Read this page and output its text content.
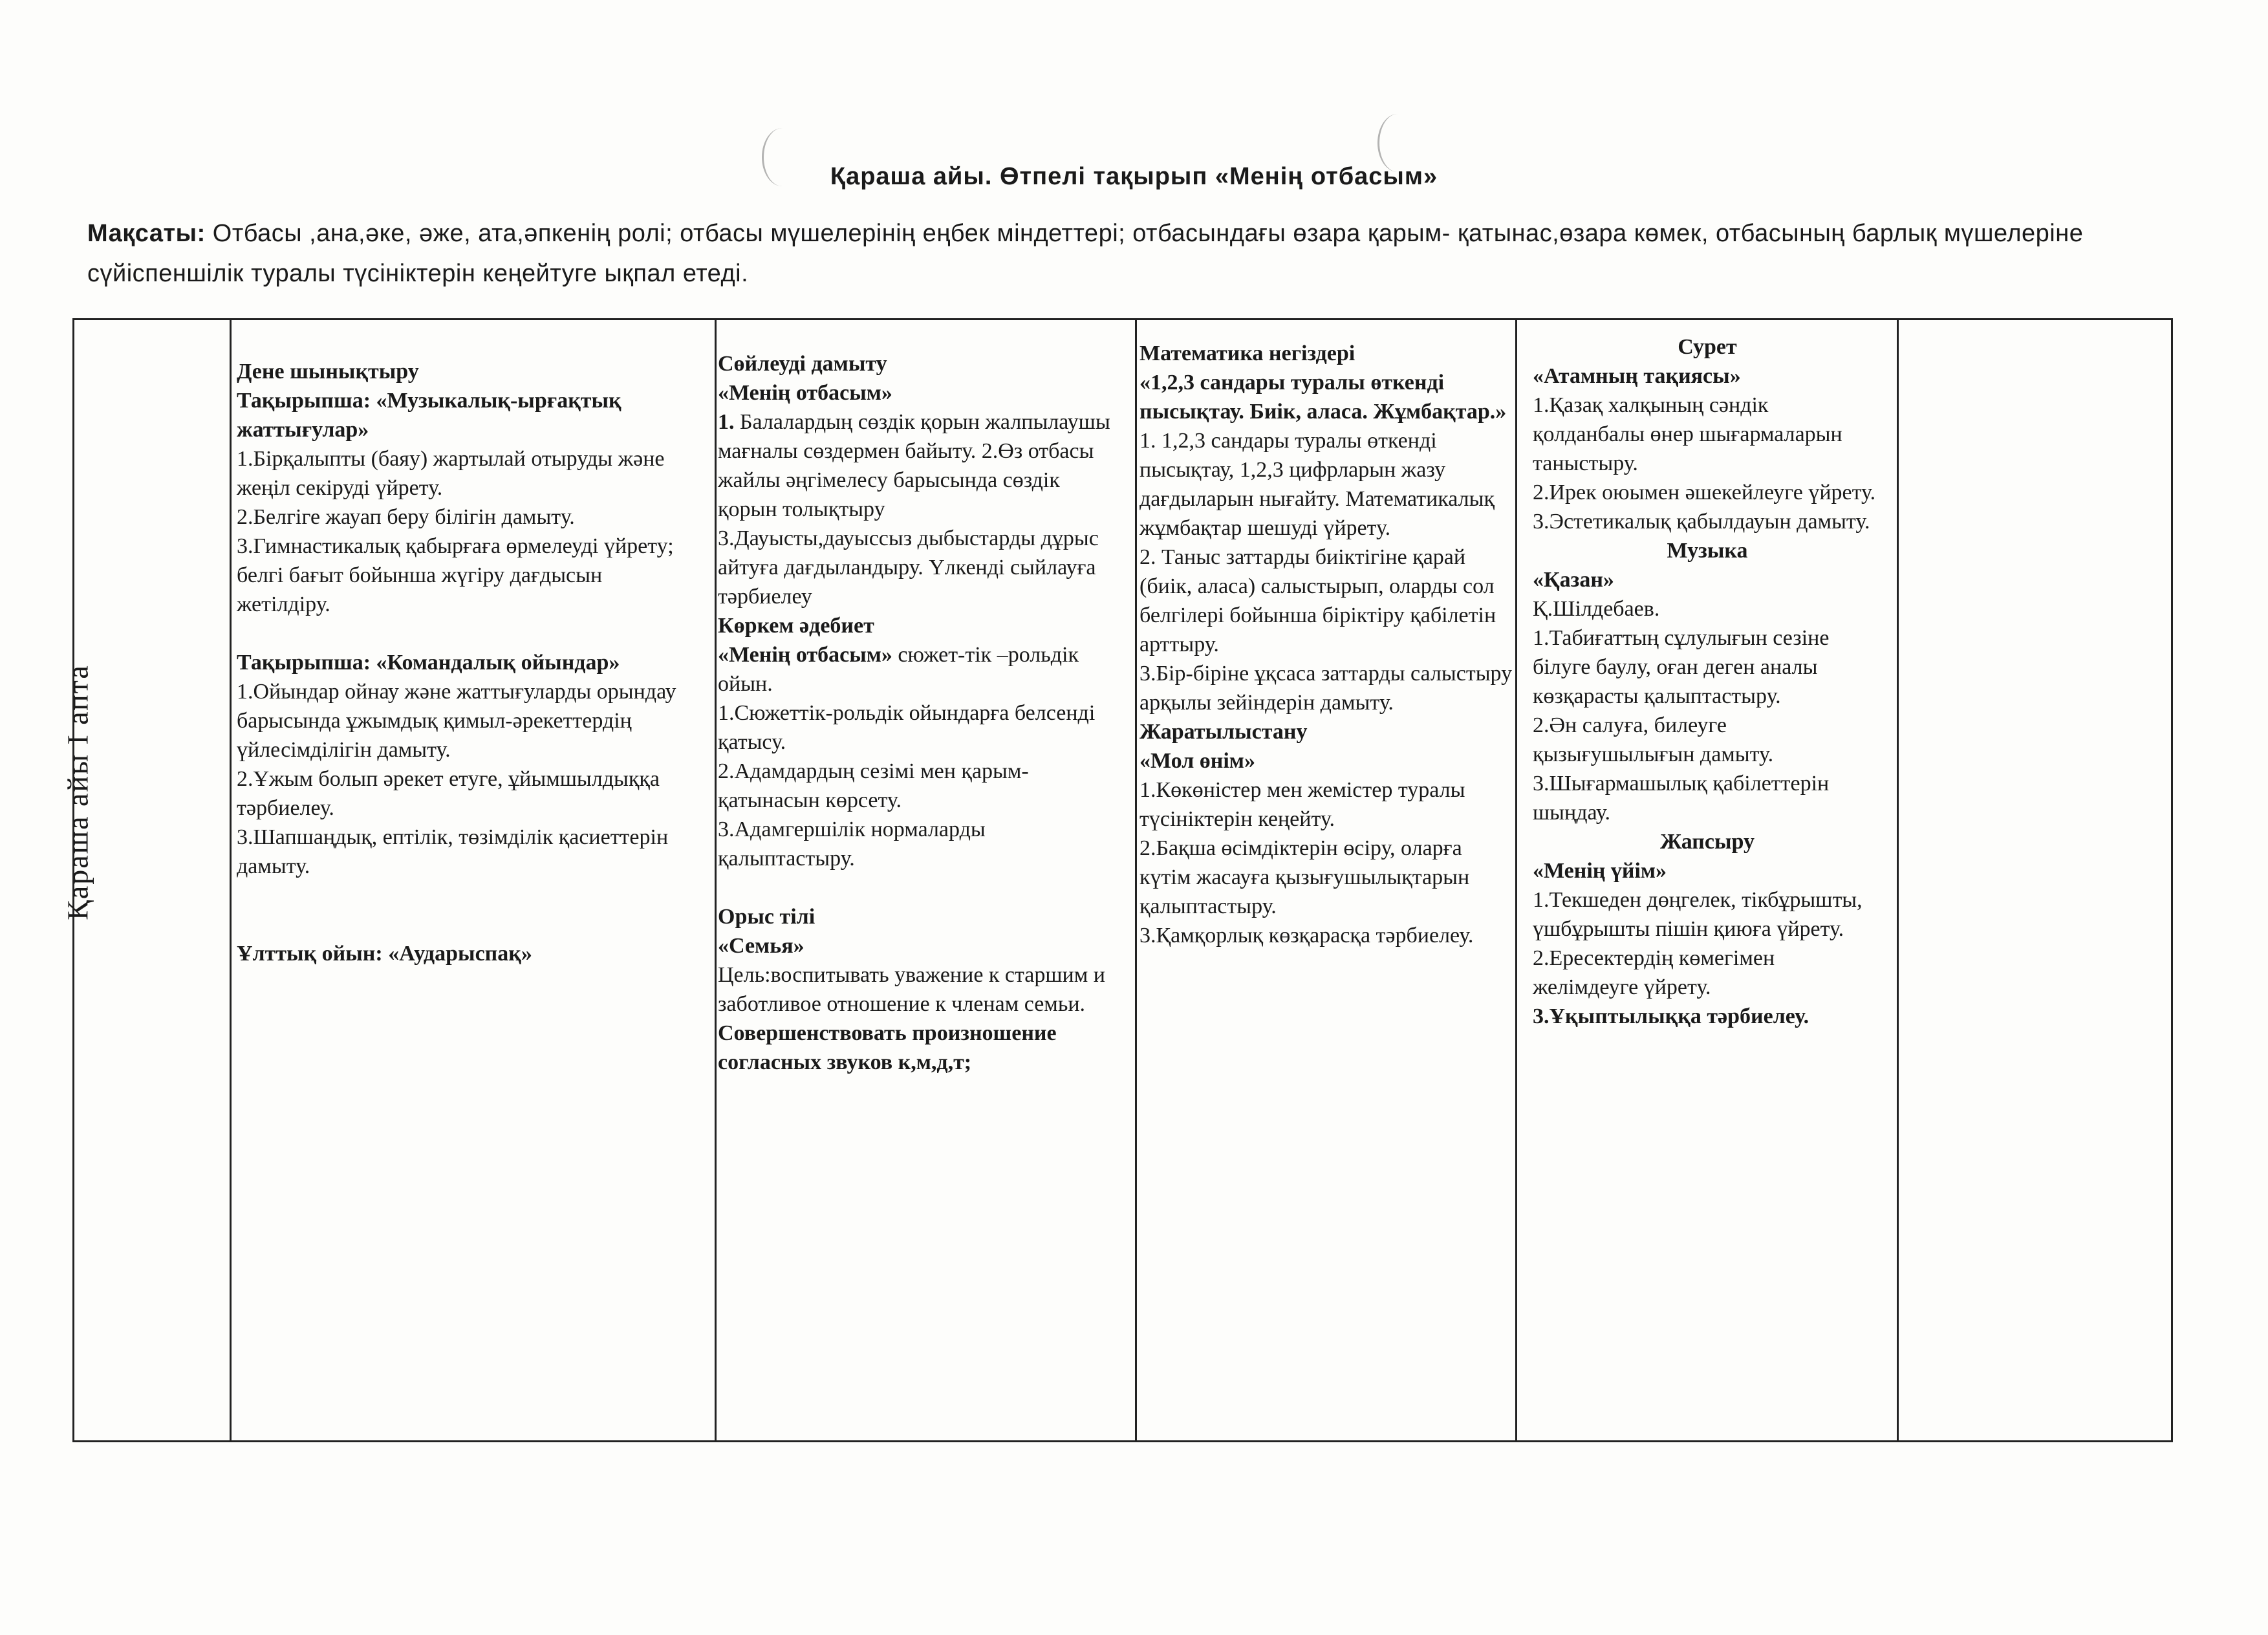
Қараша айы. Өтпелі тақырып «Менің отбасым»
Мақсаты: Отбасы ,ана,әке, әже, ата,әпкенің ролі; отбасы мүшелерінің еңбек міндеттері; отбасындағы өзара қарым- қатынас,өзара көмек, отбасының барлық мүшелеріне сүйіспеншілік туралы түсініктерін кеңейтуге ықпал етеді.
Қараша айы І апта

Дене шынықтыру

Тақырыпша: «Музыкалық-ырғақтық жаттығулар»

1.Бірқалыпты (баяу) жартылай отыруды және жеңіл секіруді үйрету.

2.Белгіге жауап беру білігін дамыту.

3.Гимнастикалық қабырғаға өрмелеуді үйрету; белгі бағыт бойынша жүгіру дағдысын жетілдіру.

Тақырыпша: «Командалық ойындар»

1.Ойындар ойнау және жаттығуларды орындау барысында ұжымдық қимыл-әрекеттердің үйлесімділігін дамыту.

2.Ұжым болып әрекет етуге, ұйымшылдыққа тәрбиелеу.

3.Шапшаңдық, ептілік, төзімділік қасиеттерін дамыту.

Ұлттық ойын: «Аударыспақ»

Сөйлеуді дамыту

«Менің отбасым»

1. Балалардың сөздік қорын жалпылаушы мағналы сөздермен байыту. 2.Өз отбасы жайлы әңгімелесу барысында сөздік қорын толықтыру

3.Дауысты,дауыссыз дыбыстарды дұрыс айтуға дағдыландыру. Үлкенді сыйлауға тәрбиелеу

Көркем әдебиет

«Менің отбасым» сюжет-тік –рольдік ойын.

1.Сюжеттік-рольдік ойындарға белсенді қатысу.

2.Адамдардың сезімі мен қарым-қатынасын көрсету.

3.Адамгершілік нормаларды қалыптастыру.

Орыс тілі

«Семья»

Цель:воспитывать уважение к старшим и заботливое отношение к членам семьи.

Совершенствовать произношение согласных звуков к,м,д,т;

Математика негіздері

«1,2,3 сандары туралы өткенді пысықтау. Биік, аласа. Жұмбақтар.»

1. 1,2,3 сандары туралы өткенді пысықтау, 1,2,3 цифрларын жазу дағдыларын нығайту. Математикалық жұмбақтар шешуді үйрету.

2. Таныс заттарды биіктігіне қарай (биік, аласа) салыстырып, оларды сол белгілері бойынша біріктіру қабілетін арттыру.

3.Бір-біріне ұқсаса заттарды салыстыру арқылы зейіндерін дамыту.

Жаратылыстану

«Мол өнім»

1.Көкөністер мен жемістер туралы түсініктерін кеңейту.

2.Бақша өсімдіктерін өсіру, оларға күтім жасауға қызығушылықтарын қалыптастыру.

3.Қамқорлық көзқарасқа тәрбиелеу.

Сурет

«Атамның тақиясы»

1.Қазақ халқының сәндік қолданбалы өнер шығармаларын таныстыру.

2.Ирек оюымен әшекейлеуге үйрету.

3.Эстетикалық қабылдауын дамыту.

Музыка

«Қазан»

Қ.Шілдебаев.

1.Табиғаттың сұлулығын сезіне білуге баулу, оған деген аналы көзқарасты қалыптастыру.

2.Ән салуға, билеуге қызығушылығын дамыту.

3.Шығармашылық қабілеттерін шыңдау.

Жапсыру

«Менің үйім»

1.Текшеден дөңгелек, тікбұрышты, үшбұрышты пішін қиюға үйрету.

2.Ересектердің көмегімен желімдеуге үйрету.

3.Ұқыптылыққа тәрбиелеу.
